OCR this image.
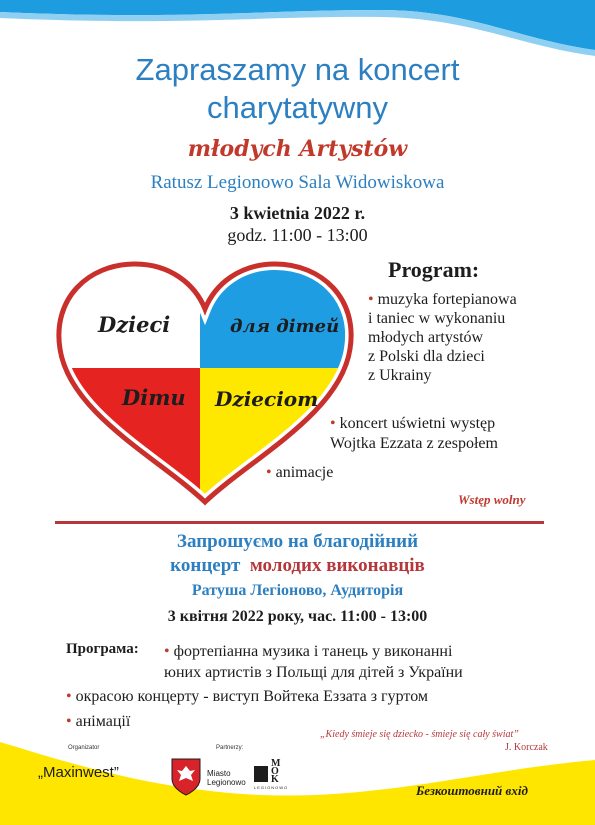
Zapraszamy na koncert
charytatywny
młodych Artystów
Ratusz Legionowo Sala Widowiskowa
3 kwietnia 2022 r.
godz. 11:00 - 13:00
Dzieci	для дітей
Dimu Dzieciom
Program:
• muzyka fortepianowa
i taniec w wykonaniu
młodych artystów
z Polski dla dzieci
z Ukrainy
• koncert uświetni występ
Wojtka Ezzata z zespołem
• animacje
Wstęp wolny
Запрошуємо на благодійний
концерт молодих виконавців
Ратуша Легіоново, Аудиторія
3 квітня 2022 року, час. 11:00 - 13:00
Програма: • фортепіанна музика і танець у виконанні
юних артистів з Польщі для дітей з України
• окрасою концерту - виступ Войтека Еззата з гуртом
• анімації
„Kiedy śmieje się dziecko - śmieje się cały świat”
J. Korczak
Organizator
„Maxinwest”
Partnerzy:
Miasto
Legionowo
MOK
LEGIONOWO	Безкоштовний вхід
